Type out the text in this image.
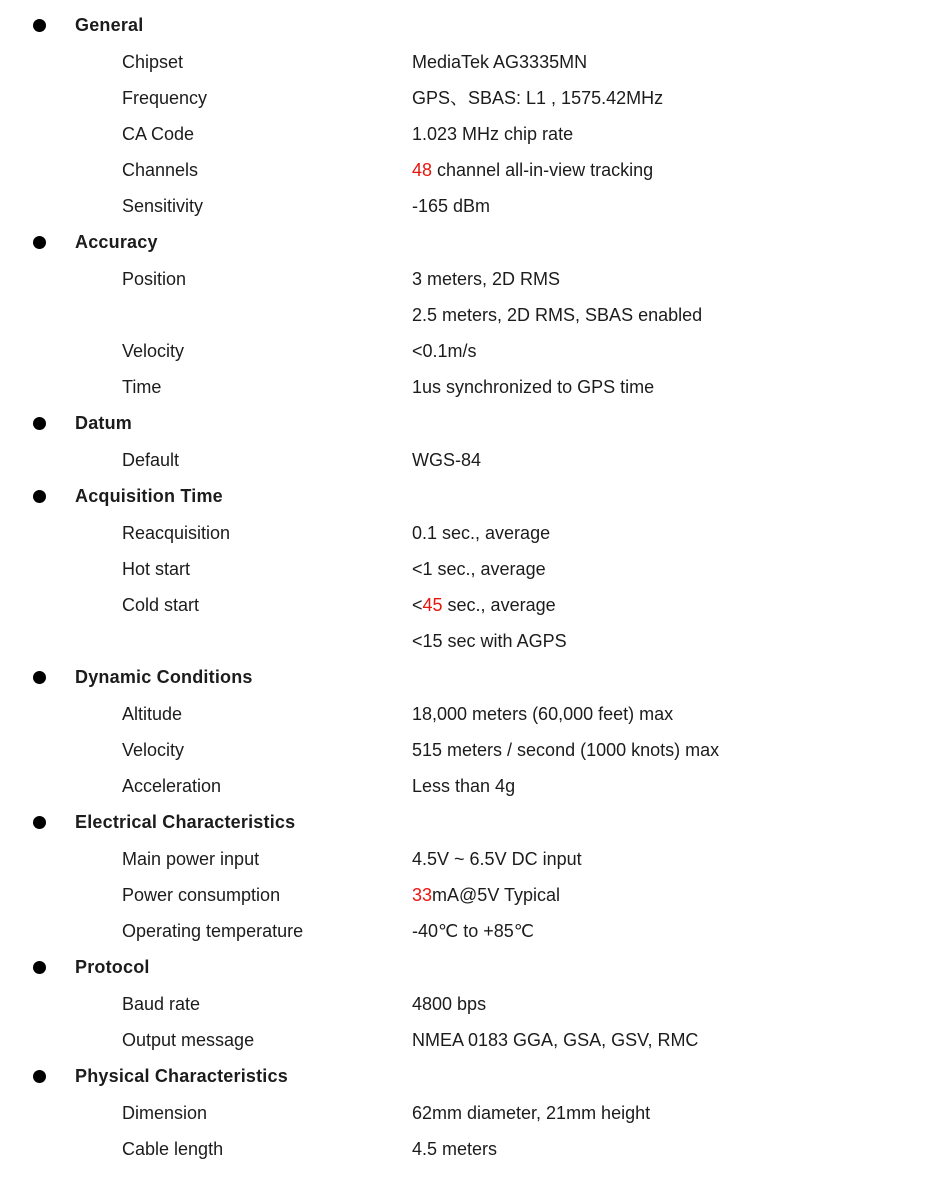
General
Chipset	MediaTek AG3335MN
Frequency	GPS、SBAS: L1 , 1575.42MHz
CA Code	1.023 MHz chip rate
Channels	48 channel all-in-view tracking
Sensitivity	-165 dBm
Accuracy
Position	3 meters, 2D RMS
2.5 meters, 2D RMS, SBAS enabled
Velocity	<0.1m/s
Time	1us synchronized to GPS time
Datum
Default	WGS-84
Acquisition Time
Reacquisition	0.1 sec., average
Hot start	<1 sec., average
Cold start	<45 sec., average
<15 sec with AGPS
Dynamic Conditions
Altitude	18,000 meters (60,000 feet) max
Velocity	515 meters / second (1000 knots) max
Acceleration	Less than 4g
Electrical Characteristics
Main power input	4.5V ~ 6.5V DC input
Power consumption	33mA@5V Typical
Operating temperature	-40℃ to +85℃
Protocol
Baud rate	4800 bps
Output message	NMEA 0183 GGA, GSA, GSV, RMC
Physical Characteristics
Dimension	62mm diameter, 21mm height
Cable length	4.5 meters
